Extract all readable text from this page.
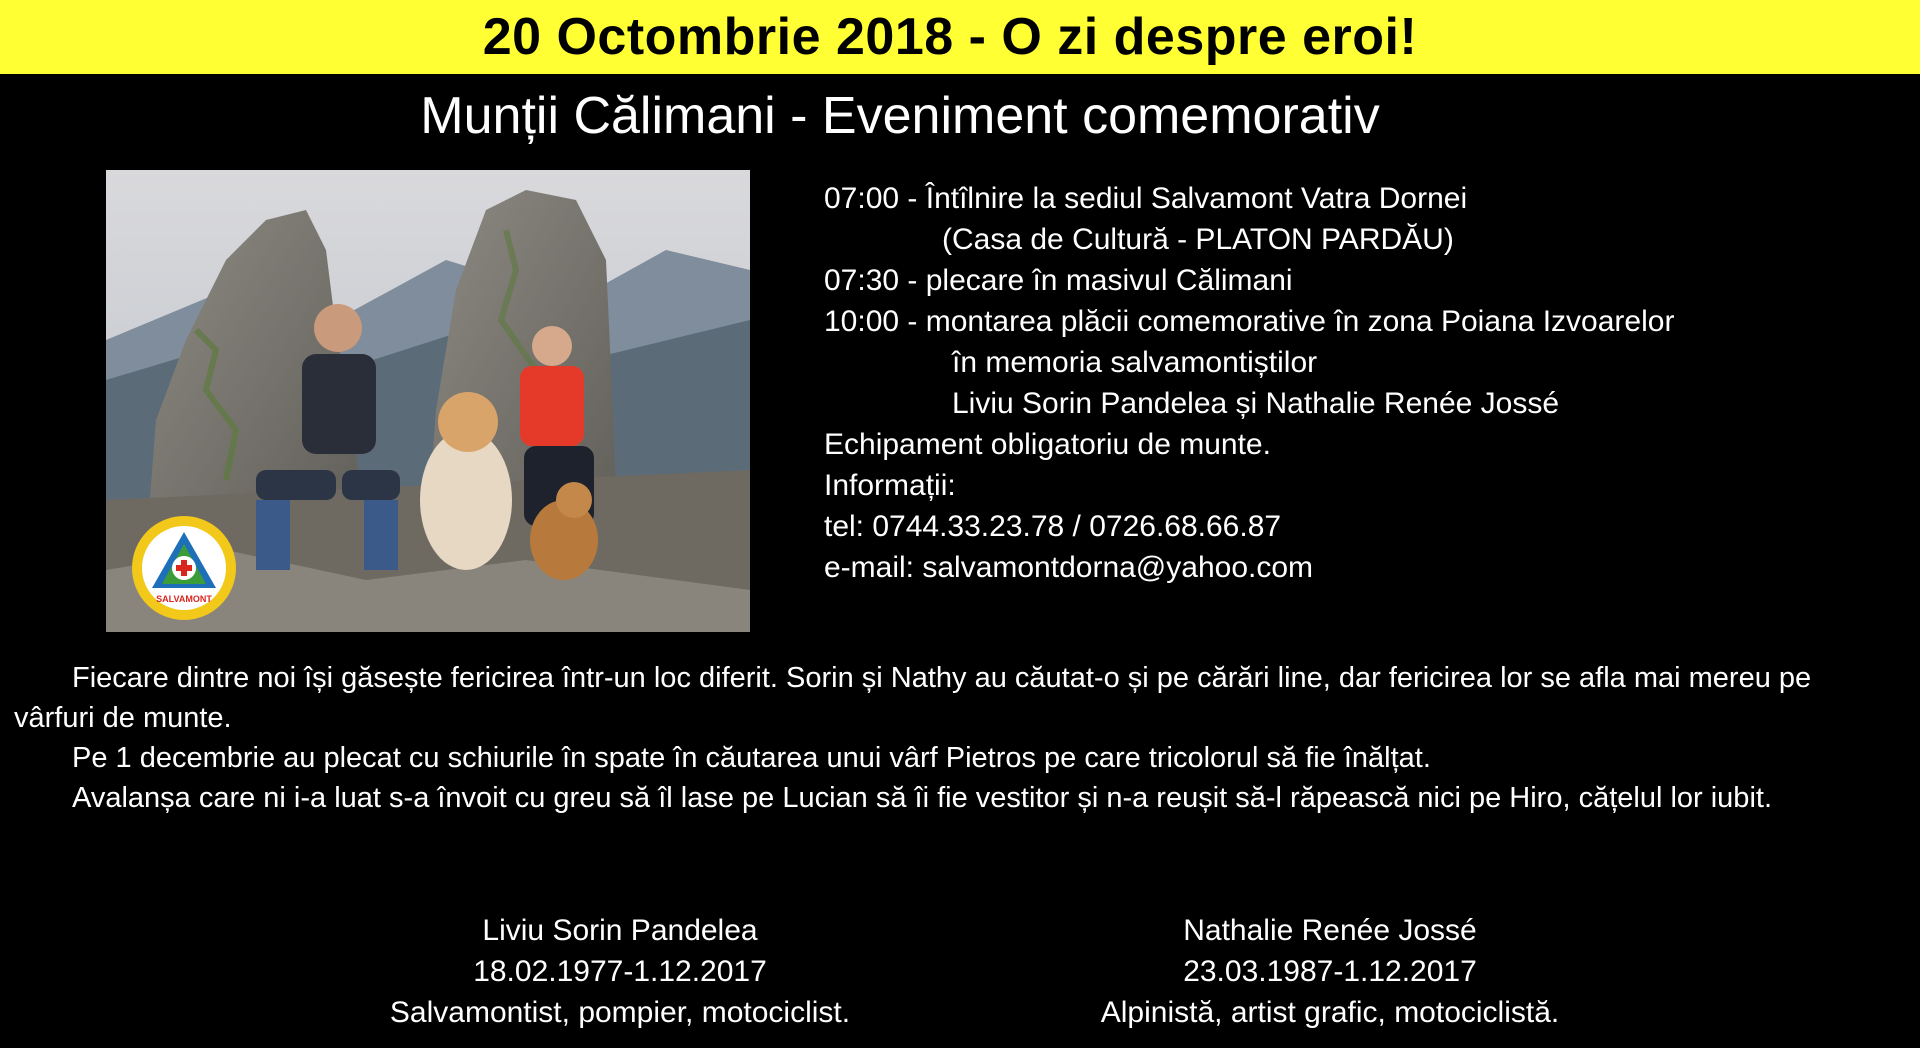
20 Octombrie 2018 - O zi despre eroi!
Munții Călimani - Eveniment comemorativ
SALVAMONT
07:00 - Întîlnire la sediul Salvamont Vatra Dornei
(Casa de Cultură - PLATON PARDĂU)
07:30 - plecare în masivul Călimani
10:00 - montarea plăcii comemorative în zona Poiana Izvoarelor
în memoria salvamontiștilor
Liviu Sorin Pandelea și Nathalie Renée Jossé
Echipament obligatoriu de munte.
Informații:
tel: 0744.33.23.78 / 0726.68.66.87
e-mail: salvamontdorna@yahoo.com

Fiecare dintre noi își găsește fericirea într-un loc diferit. Sorin și Nathy au căutat-o și pe cărări line, dar fericirea lor se afla mai mereu pe vârfuri de munte.

Pe 1 decembrie au plecat cu schiurile în spate în căutarea unui vârf Pietros pe care tricolorul să fie înălțat.

Avalanșa care ni i-a luat s-a învoit cu greu să îl lase pe Lucian să îi fie vestitor și n-a reușit să-l răpească nici pe Hiro, cățelul lor iubit.

Liviu Sorin Pandelea
18.02.1977-1.12.2017
Salvamontist, pompier, motociclist.
Nathalie Renée Jossé
23.03.1987-1.12.2017
Alpinistă, artist grafic, motociclistă.
